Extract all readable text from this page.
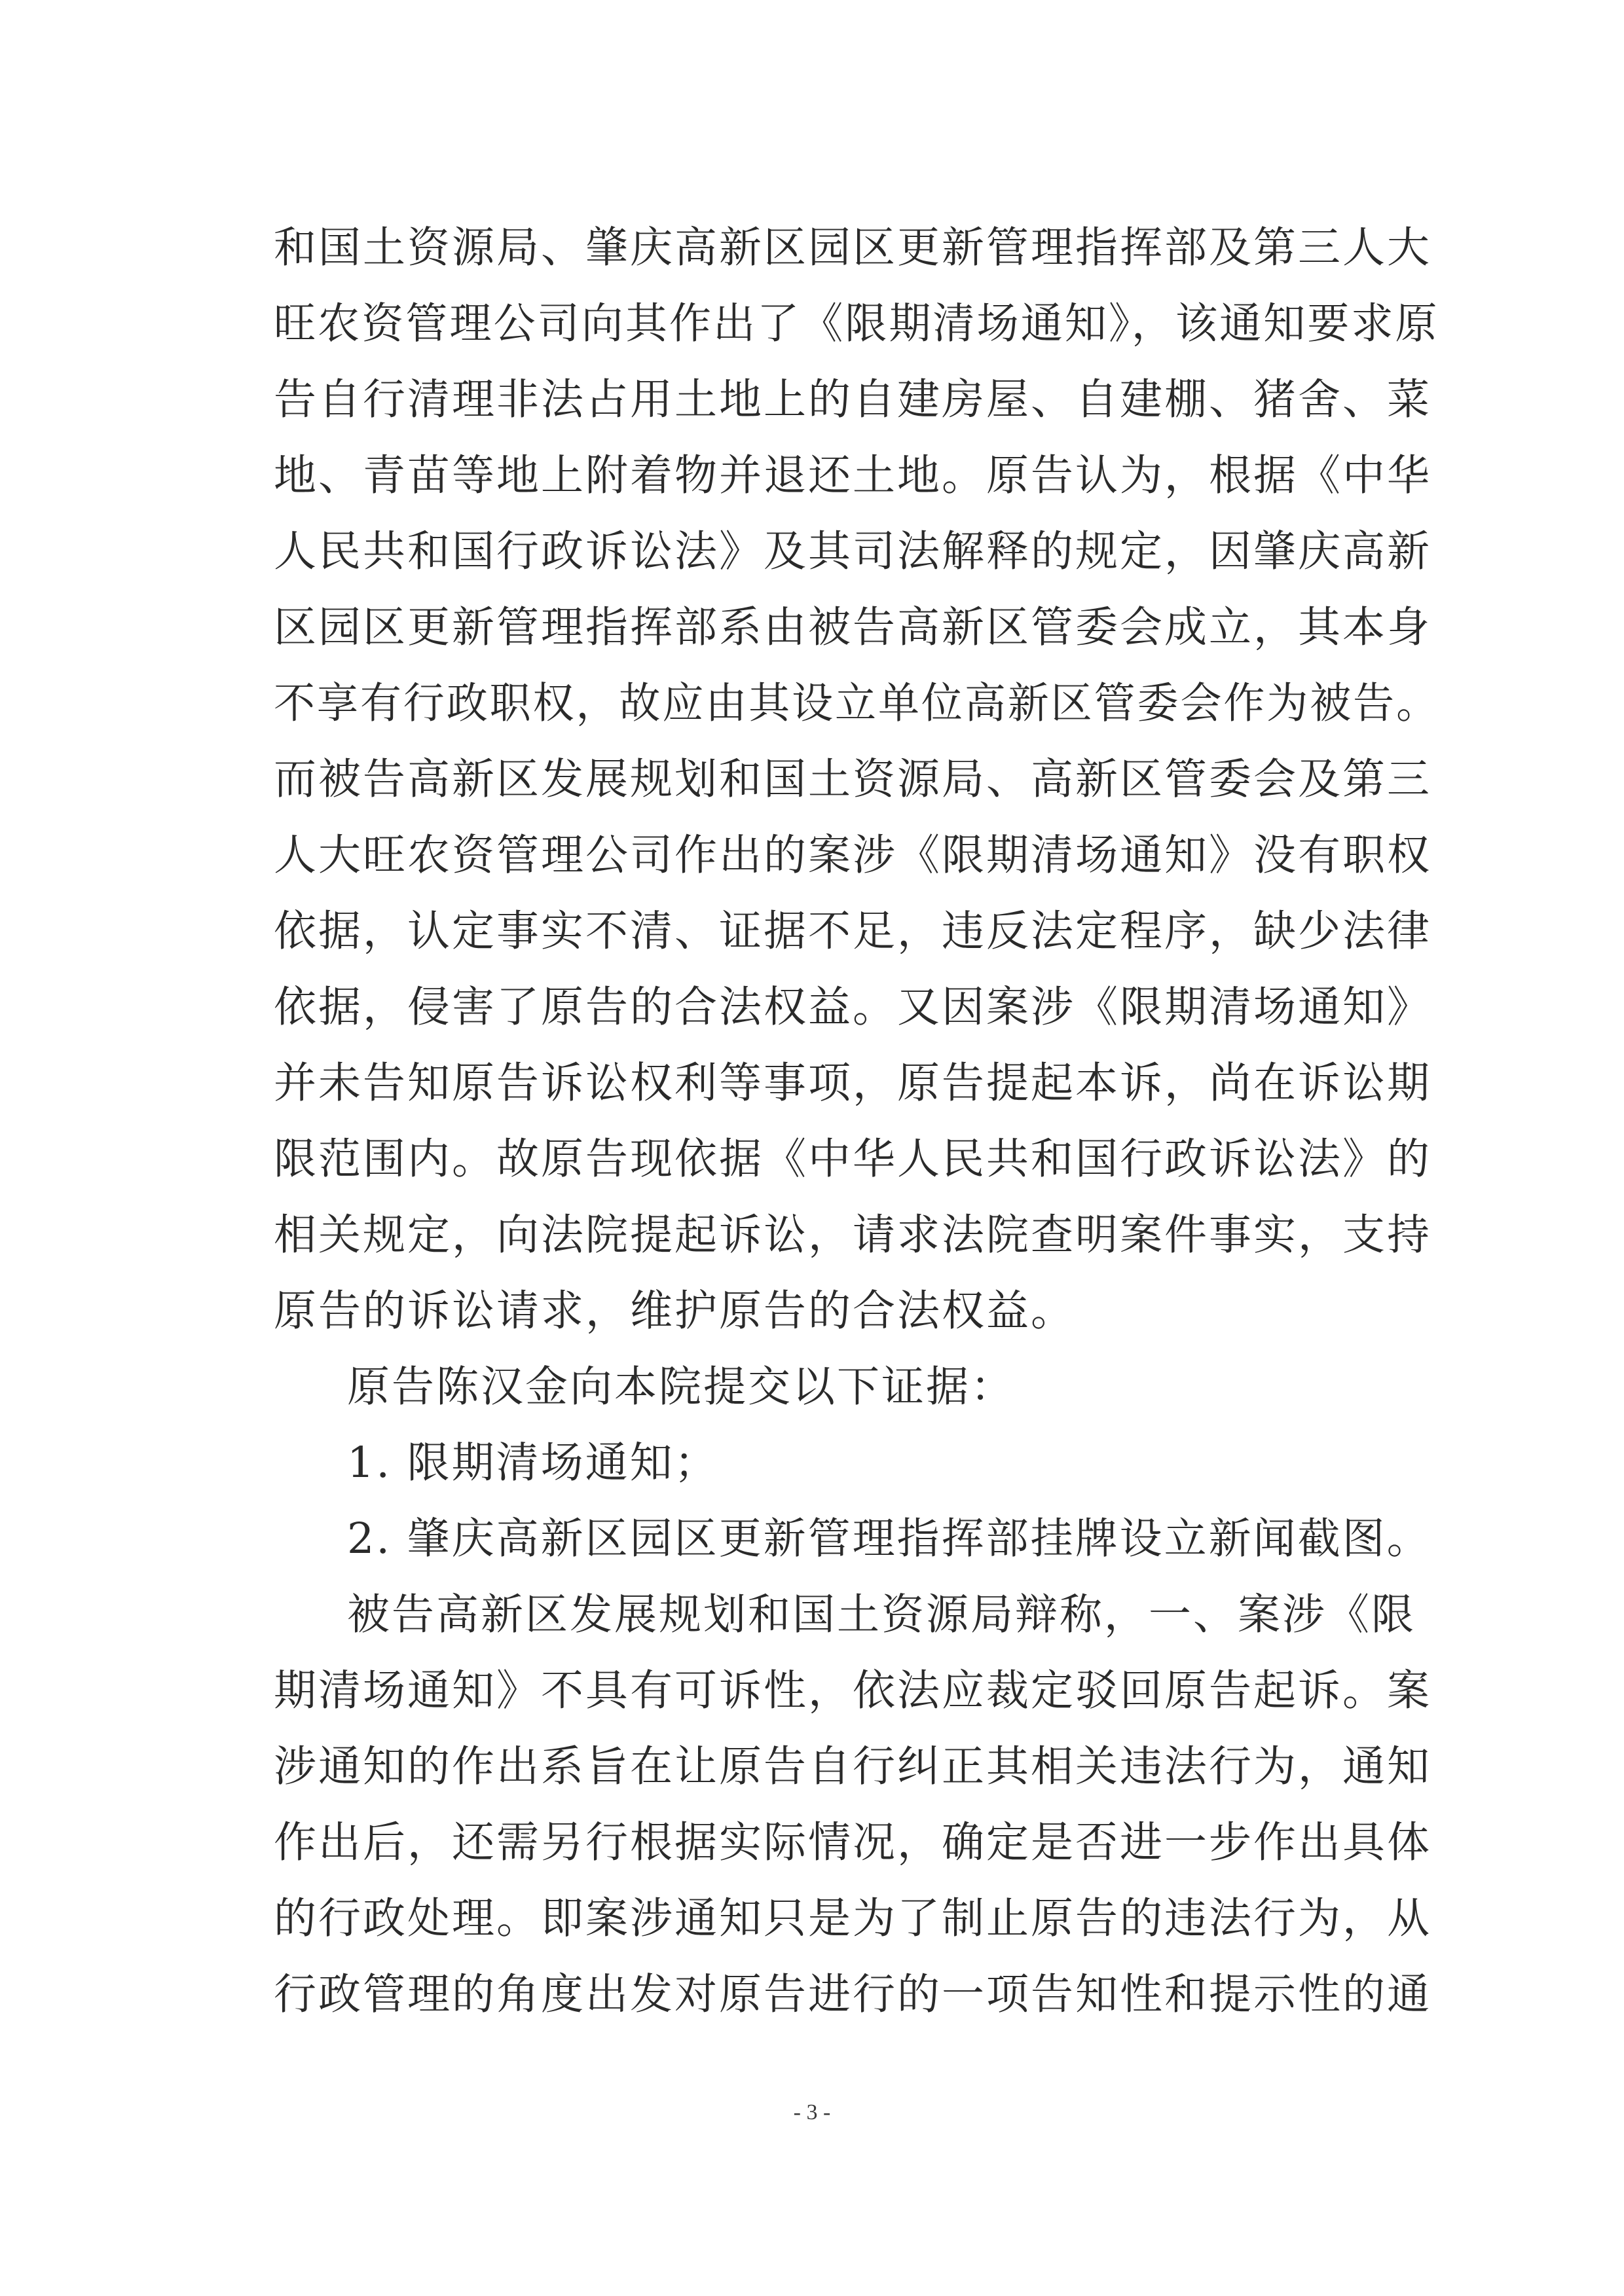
和国土资源局、肇庆高新区园区更新管理指挥部及第三人大
旺农资管理公司向其作出了《限期清场通知》，该通知要求原
告自行清理非法占用土地上的自建房屋、自建棚、猪舍、菜
地、青苗等地上附着物并退还土地。原告认为，根据《中华
人民共和国行政诉讼法》及其司法解释的规定，因肇庆高新
区园区更新管理指挥部系由被告高新区管委会成立，其本身
不享有行政职权，故应由其设立单位高新区管委会作为被告。
而被告高新区发展规划和国土资源局、高新区管委会及第三
人大旺农资管理公司作出的案涉《限期清场通知》没有职权
依据，认定事实不清、证据不足，违反法定程序，缺少法律
依据，侵害了原告的合法权益。又因案涉《限期清场通知》
并未告知原告诉讼权利等事项，原告提起本诉，尚在诉讼期
限范围内。故原告现依据《中华人民共和国行政诉讼法》的
相关规定，向法院提起诉讼，请求法院查明案件事实，支持
原告的诉讼请求，维护原告的合法权益。
原告陈汉金向本院提交以下证据：
1. 限期清场通知；
2. 肇庆高新区园区更新管理指挥部挂牌设立新闻截图。
被告高新区发展规划和国土资源局辩称，一、案涉《限
期清场通知》不具有可诉性，依法应裁定驳回原告起诉。案
涉通知的作出系旨在让原告自行纠正其相关违法行为，通知
作出后，还需另行根据实际情况，确定是否进一步作出具体
的行政处理。即案涉通知只是为了制止原告的违法行为，从
行政管理的角度出发对原告进行的一项告知性和提示性的通
- 3 -
